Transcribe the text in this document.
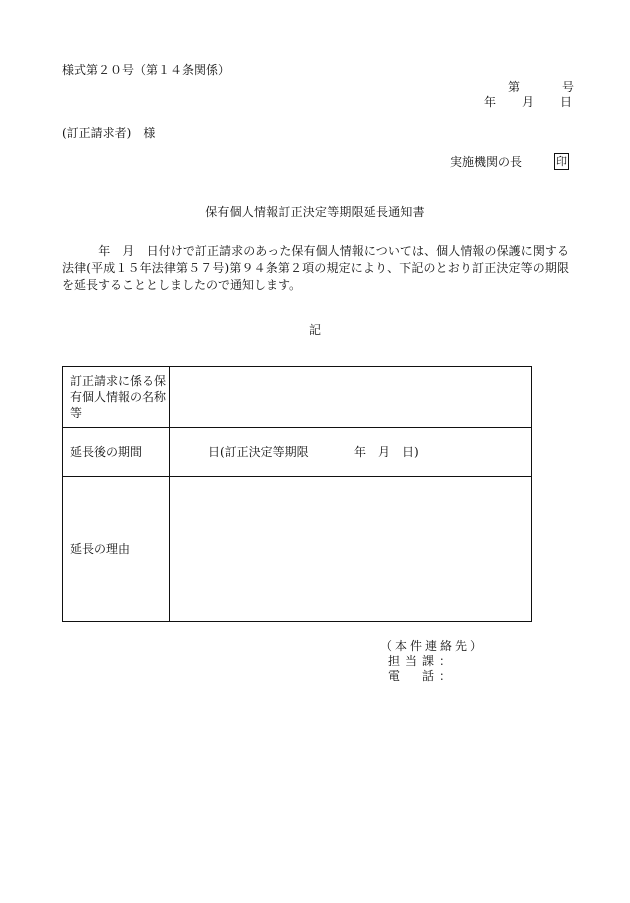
様式第２０号（第１４条関係）
第	号
年 月 日
(訂正請求者)　様
実施機関の長	印
保有個人情報訂正決定等期限延長通知書
　　　年　月　日付けで訂正請求のあった保有個人情報については、個人情報の保護に関する法律(平成１５年法律第５７号)第９４条第２項の規定により、下記のとおり訂正決定等の期限を延長することとしましたので通知します。
記
訂正請求に係る保有個人情報の名称等	
延長後の期間	日(訂正決定等期限 年　月　日)

延長の理由	
（本件連絡先）
担当課：
電　話：
